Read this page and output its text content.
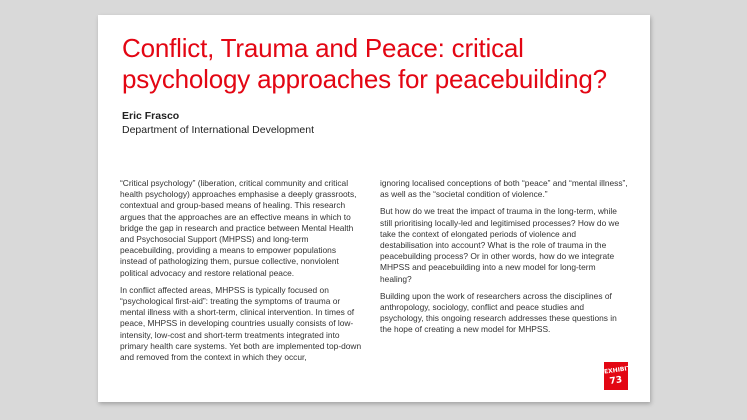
Conflict, Trauma and Peace: critical psychology approaches for peacebuilding?

Eric Frasco

Department of International Development

“Critical psychology” (liberation, critical community and critical health psychology) approaches emphasise a deeply grassroots, contextual and group-based means of healing. This research argues that the approaches are an effective means in which to bridge the gap in research and practice between Mental Health and Psychosocial Support (MHPSS) and long-term peacebuilding, providing a means to empower populations instead of pathologizing them, pursue collective, nonviolent political advocacy and restore relational peace.

In conflict affected areas, MHPSS is typically focused on “psychological first-aid”: treating the symptoms of trauma or mental illness with a short-term, clinical intervention. In times of peace, MHPSS in developing countries usually consists of low-intensity, low-cost and short-term treatments integrated into primary health care systems. Yet both are implemented top-down and removed from the context in which they occur,

ignoring localised conceptions of both “peace” and “mental illness”, as well as the “societal condition of violence.”

But how do we treat the impact of trauma in the long-term, while still prioritising locally-led and legitimised processes? How do we take the context of elongated periods of violence and destabilisation into account? What is the role of trauma in the peacebuilding process? Or in other words, how do we integrate MHPSS and peacebuilding into a new model for long-term healing?

Building upon the work of researchers across the disciplines of anthropology, sociology, conflict and peace studies and psychology, this ongoing research addresses these questions in the hope of creating a new model for MHPSS.

EXHIBIT
73
